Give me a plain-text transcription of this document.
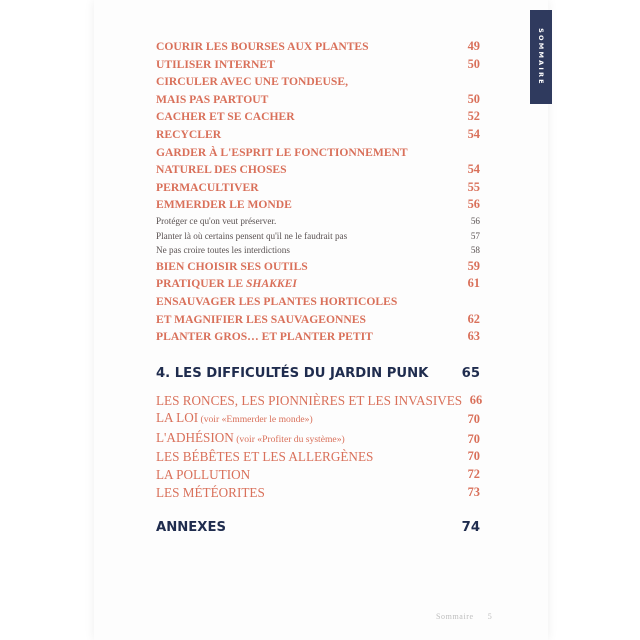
SOMMAIRE
COURIR LES BOURSES AUX PLANTES	49
UTILISER INTERNET	50
CIRCULER AVEC UNE TONDEUSE,
MAIS PAS PARTOUT	50
CACHER ET SE CACHER	52
RECYCLER	54
GARDER À L'ESPRIT LE FONCTIONNEMENT
NATUREL DES CHOSES	54
PERMACULTIVER	55
EMMERDER LE MONDE	56
Protéger ce qu'on veut préserver.	56
Planter là où certains pensent qu'il ne le faudrait pas	57
Ne pas croire toutes les interdictions	58
BIEN CHOISIR SES OUTILS	59
PRATIQUER LE SHAKKEI	61
ENSAUVAGER LES PLANTES HORTICOLES
ET MAGNIFIER LES SAUVAGEONNES	62
PLANTER GROS… ET PLANTER PETIT	63
4. LES DIFFICULTÉS DU JARDIN PUNK	65
LES RONCES, LES PIONNIÈRES ET LES INVASIVES 66
LA LOI (voir «Emmerder le monde»)	70
L'ADHÉSION (voir «Profiter du système»)	70
LES BÉBÊTES ET LES ALLERGÈNES	70
LA POLLUTION	72
LES MÉTÉORITES	73
ANNEXES	74
Sommaire 5
